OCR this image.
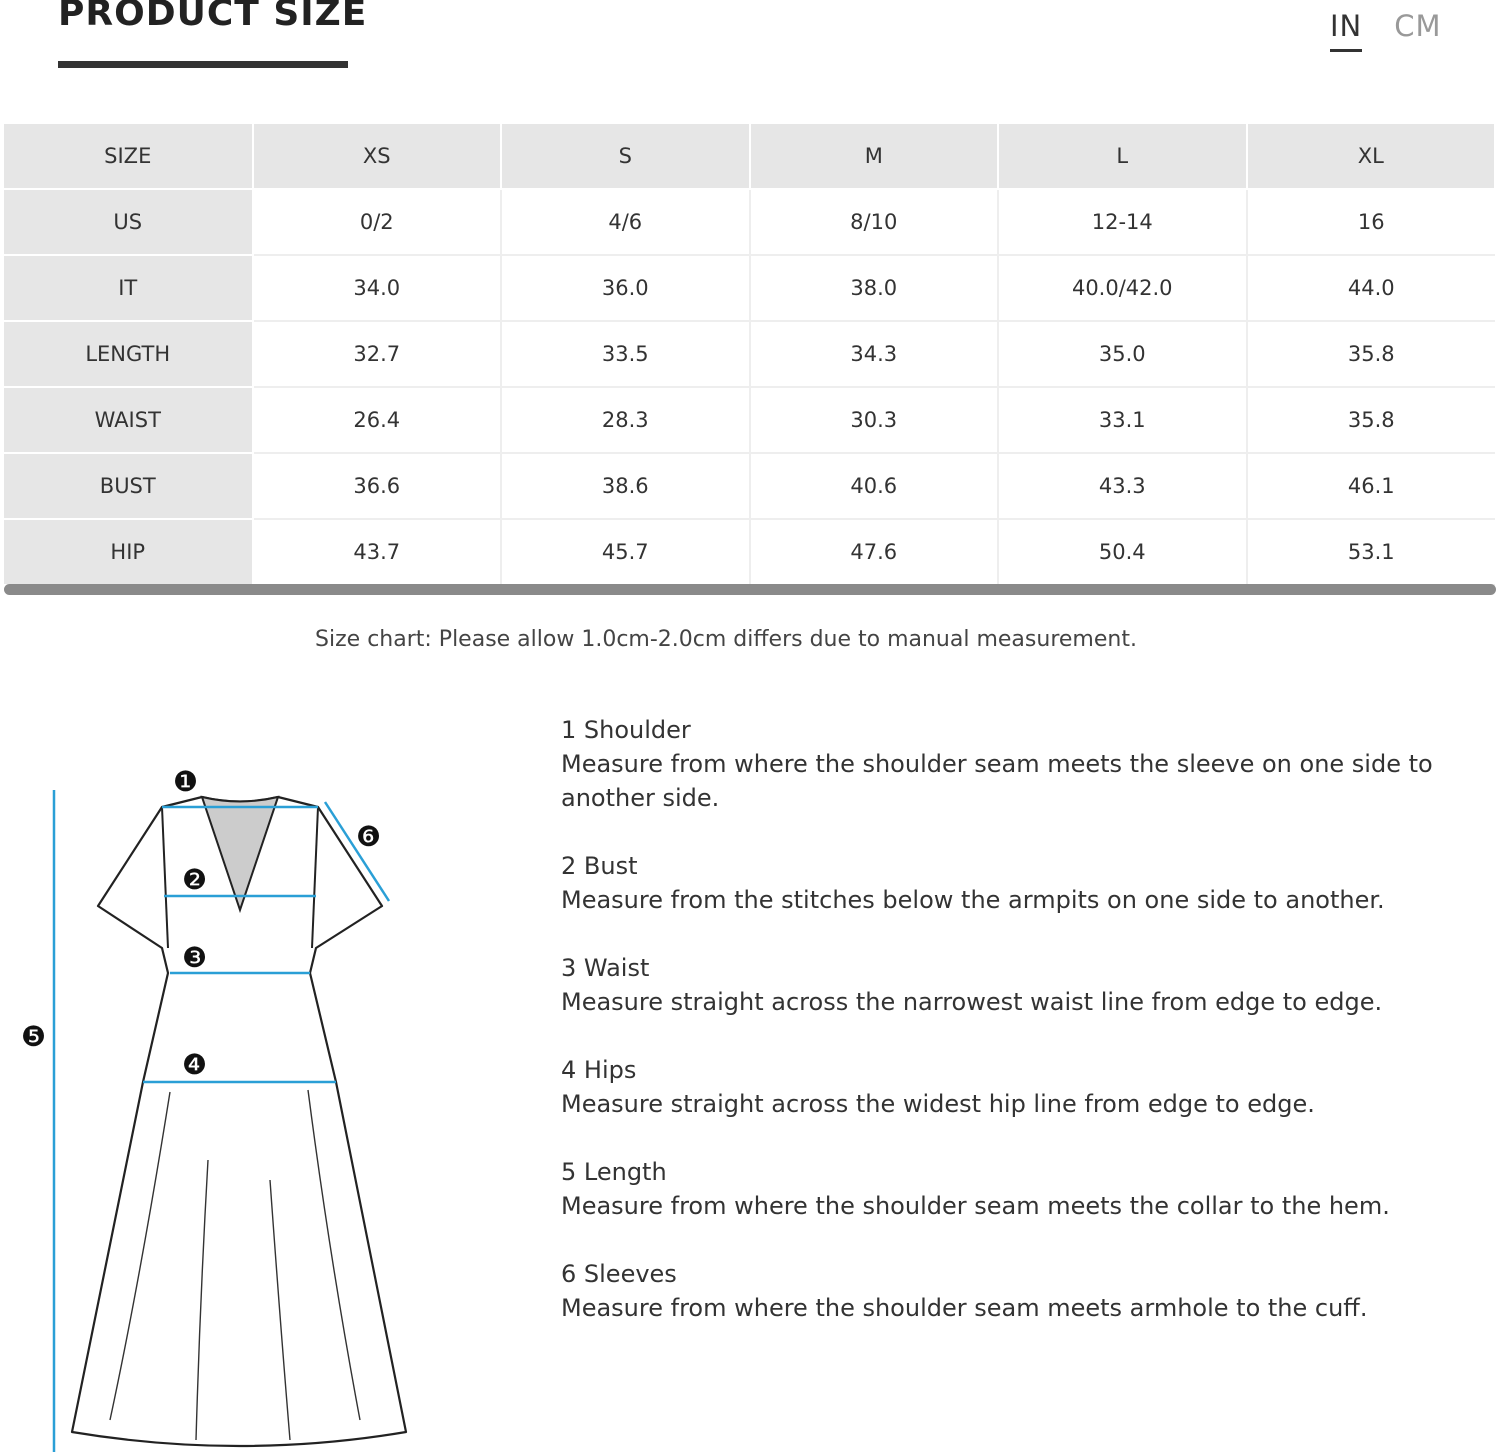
PRODUCT SIZE	IN CM
SIZE	XS	S	M	L	XL
US	0/2	4/6	8/10	12-14	16
IT	34.0	36.0	38.0	40.0/42.0	44.0
LENGTH	32.7	33.5	34.3	35.0	35.8
WAIST	26.4	28.3	30.3	33.1	35.8
BUST	36.6	38.6	40.6	43.3	46.1
HIP	43.7	45.7	47.6	50.4	53.1
Size chart: Please allow 1.0cm-2.0cm differs due to manual measurement.
❶
❷
❸
❹
❺
❻
1 Shoulder
Measure from where the shoulder seam meets the sleeve on one side to another side.
2 Bust
Measure from the stitches below the armpits on one side to another.
3 Waist
Measure straight across the narrowest waist line from edge to edge.
4 Hips
Measure straight across the widest hip line from edge to edge.
5 Length
Measure from where the shoulder seam meets the collar to the hem.
6 Sleeves
Measure from where the shoulder seam meets armhole to the cuff.
